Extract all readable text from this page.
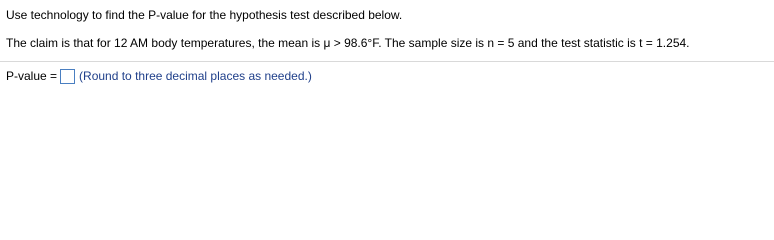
Use technology to find the P-value for the hypothesis test described below.
The claim is that for 12 AM body temperatures, the mean is μ > 98.6°F. The sample size is n = 5 and the test statistic is t = 1.254.
P-value = (Round to three decimal places as needed.)
